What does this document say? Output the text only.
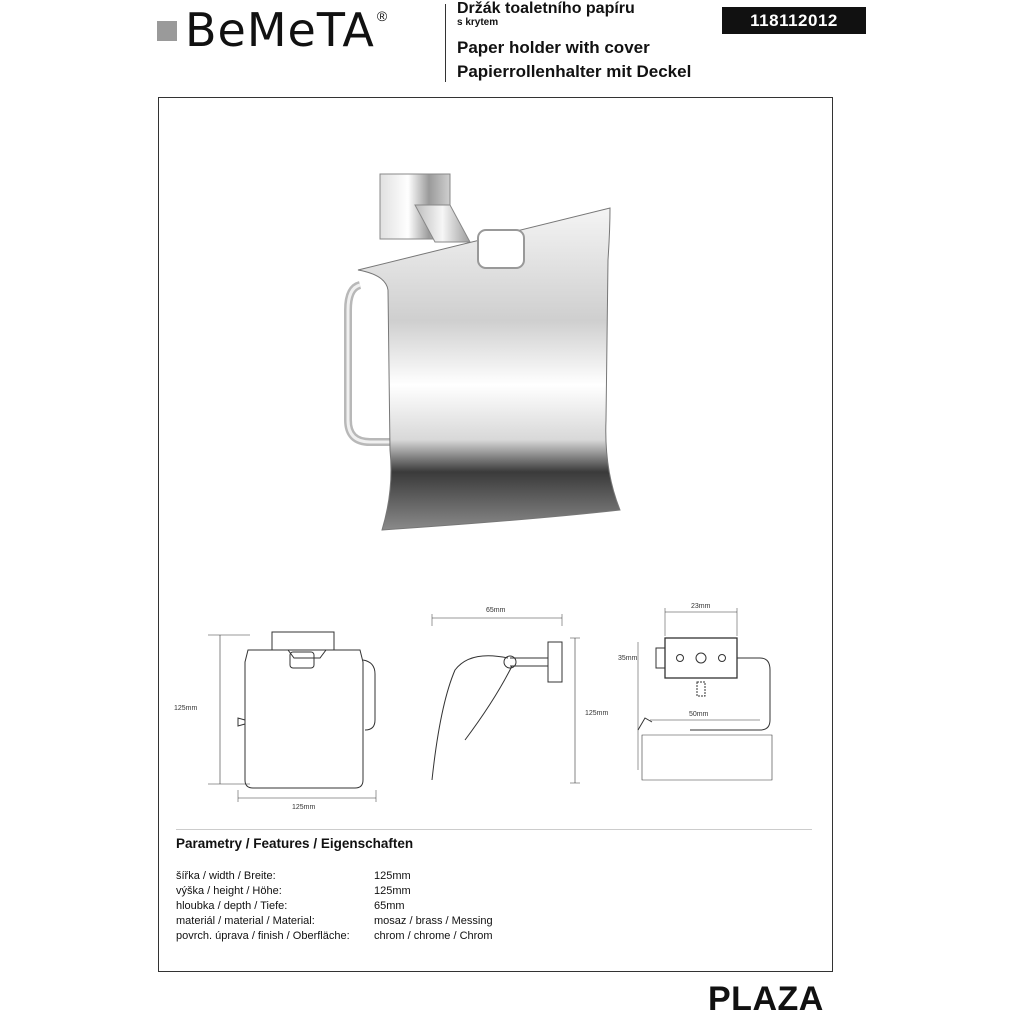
BeMeTA ®	Držák toaletního papíru
s krytem
Paper holder with cover
Papierrollenhalter mit Deckel
118112012
125mm
125mm
65mm
125mm
23mm
35mm
50mm
Parametry / Features / Eigenschaften
šířka / width / Breite:	125mm
výška / height / Höhe:	125mm
hloubka / depth / Tiefe:	65mm
materiál / material / Material:	mosaz / brass / Messing
povrch. úprava / finish / Oberfläche:	chrom / chrome / Chrom
PLAZA
